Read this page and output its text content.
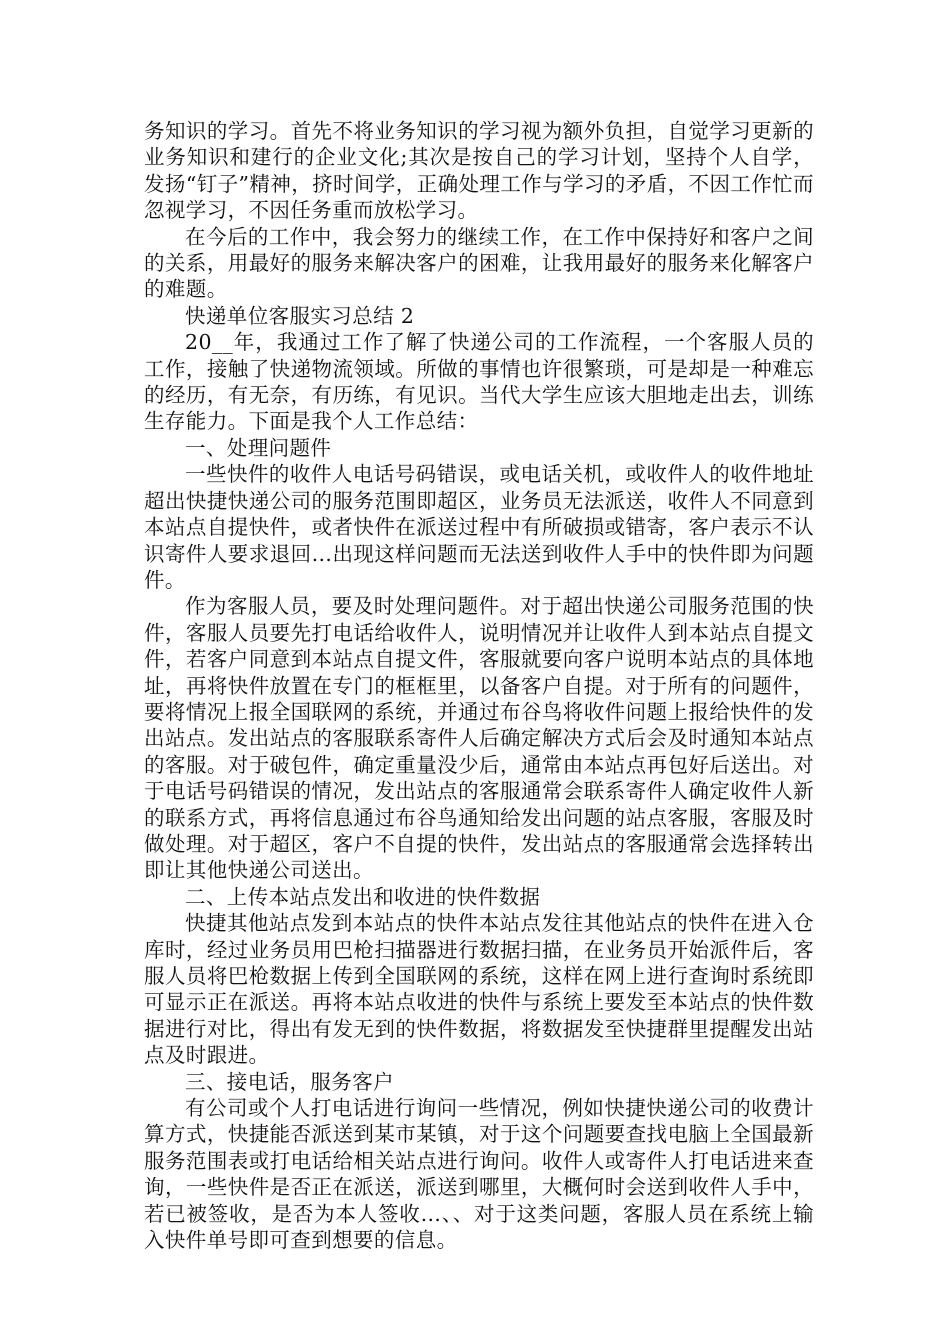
务知识的学习。首先不将业务知识的学习视为额外负担，自觉学习更新的业务知识和建行的企业文化;其次是按自己的学习计划，坚持个人自学，发扬“钉子”精神，挤时间学，正确处理工作与学习的矛盾，不因工作忙而忽视学习，不因任务重而放松学习。

在今后的工作中，我会努力的继续工作，在工作中保持好和客户之间的关系，用最好的服务来解决客户的困难，让我用最好的服务来化解客户的难题。

快递单位客服实习总结 2

20__年，我通过工作了解了快递公司的工作流程，一个客服人员的工作，接触了快递物流领域。所做的事情也许很繁琐，可是却是一种难忘的经历，有无奈，有历练，有见识。当代大学生应该大胆地走出去，训练生存能力。下面是我个人工作总结：

一、处理问题件

一些快件的收件人电话号码错误，或电话关机，或收件人的收件地址超出快捷快递公司的服务范围即超区，业务员无法派送，收件人不同意到本站点自提快件，或者快件在派送过程中有所破损或错寄，客户表示不认识寄件人要求退回…出现这样问题而无法送到收件人手中的快件即为问题件。

作为客服人员，要及时处理问题件。对于超出快递公司服务范围的快件，客服人员要先打电话给收件人，说明情况并让收件人到本站点自提文件，若客户同意到本站点自提文件，客服就要向客户说明本站点的具体地址，再将快件放置在专门的框框里，以备客户自提。对于所有的问题件，要将情况上报全国联网的系统，并通过布谷鸟将收件问题上报给快件的发出站点。发出站点的客服联系寄件人后确定解决方式后会及时通知本站点的客服。对于破包件，确定重量没少后，通常由本站点再包好后送出。对于电话号码错误的情况，发出站点的客服通常会联系寄件人确定收件人新的联系方式，再将信息通过布谷鸟通知给发出问题的站点客服，客服及时做处理。对于超区，客户不自提的快件，发出站点的客服通常会选择转出即让其他快递公司送出。

二、上传本站点发出和收进的快件数据

快捷其他站点发到本站点的快件本站点发往其他站点的快件在进入仓库时，经过业务员用巴枪扫描器进行数据扫描，在业务员开始派件后，客服人员将巴枪数据上传到全国联网的系统，这样在网上进行查询时系统即可显示正在派送。再将本站点收进的快件与系统上要发至本站点的快件数据进行对比，得出有发无到的快件数据，将数据发至快捷群里提醒发出站点及时跟进。

三、接电话，服务客户

有公司或个人打电话进行询问一些情况，例如快捷快递公司的收费计算方式，快捷能否派送到某市某镇，对于这个问题要查找电脑上全国最新服务范围表或打电话给相关站点进行询问。收件人或寄件人打电话进来查询，一些快件是否正在派送，派送到哪里，大概何时会送到收件人手中，若已被签收，是否为本人签收…、、对于这类问题，客服人员在系统上输入快件单号即可查到想要的信息。
